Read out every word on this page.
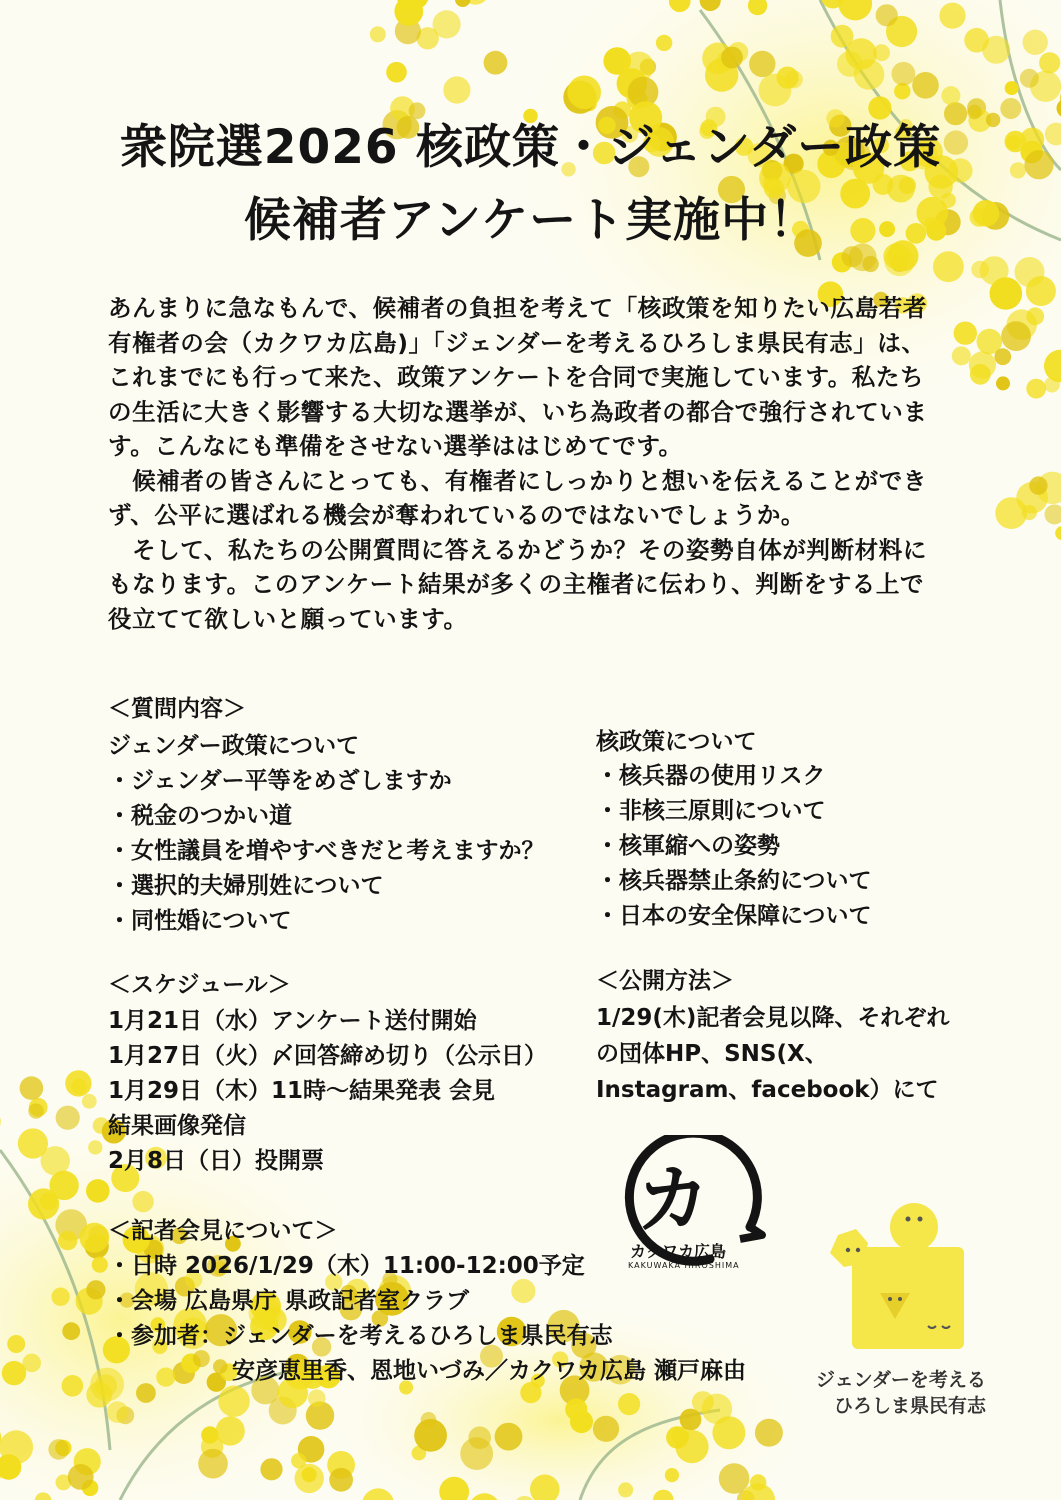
衆院選2026 核政策・ジェンダー政策
候補者アンケート実施中！
あんまりに急なもんで、候補者の負担を考えて「核政策を知りたい広島若者
有権者の会（カクワカ広島)」「ジェンダーを考えるひろしま県民有志」は、
これまでにも行って来た、政策アンケートを合同で実施しています。私たち
の生活に大きく影響する大切な選挙が、いち為政者の都合で強行されていま
す。こんなにも準備をさせない選挙ははじめてです。
　候補者の皆さんにとっても、有権者にしっかりと想いを伝えることができ
ず、公平に選ばれる機会が奪われているのではないでしょうか。
　そして、私たちの公開質問に答えるかどうか？その姿勢自体が判断材料に
もなります。このアンケート結果が多くの主権者に伝わり、判断をする上で
役立てて欲しいと願っています。
＜質問内容＞
ジェンダー政策について
・ジェンダー平等をめざしますか
・税金のつかい道
・女性議員を増やすべきだと考えますか？
・選択的夫婦別姓について
・同性婚について
核政策について
・核兵器の使用リスク
・非核三原則について
・核軍縮への姿勢
・核兵器禁止条約について
・日本の安全保障について
＜スケジュール＞
1月21日（水）アンケート送付開始
1月27日（火）〆回答締め切り（公示日）
1月29日（木）11時〜結果発表 会見
結果画像発信
2月8日（日）投開票
＜公開方法＞
1/29(木)記者会見以降、それぞれ
の団体HP、SNS(X、
Instagram、facebook）にて
＜記者会見について＞
・日時 2026/1/29（木）11:00-12:00予定
・会場 広島県庁 県政記者室クラブ
・参加者：ジェンダーを考えるひろしま県民有志
安彦恵里香、恩地いづみ／カクワカ広島 瀬戸麻由
カ
カクワカ広島
KAKUWAKA HIROSHIMA
ジェンダーを考える
ひろしま県民有志
